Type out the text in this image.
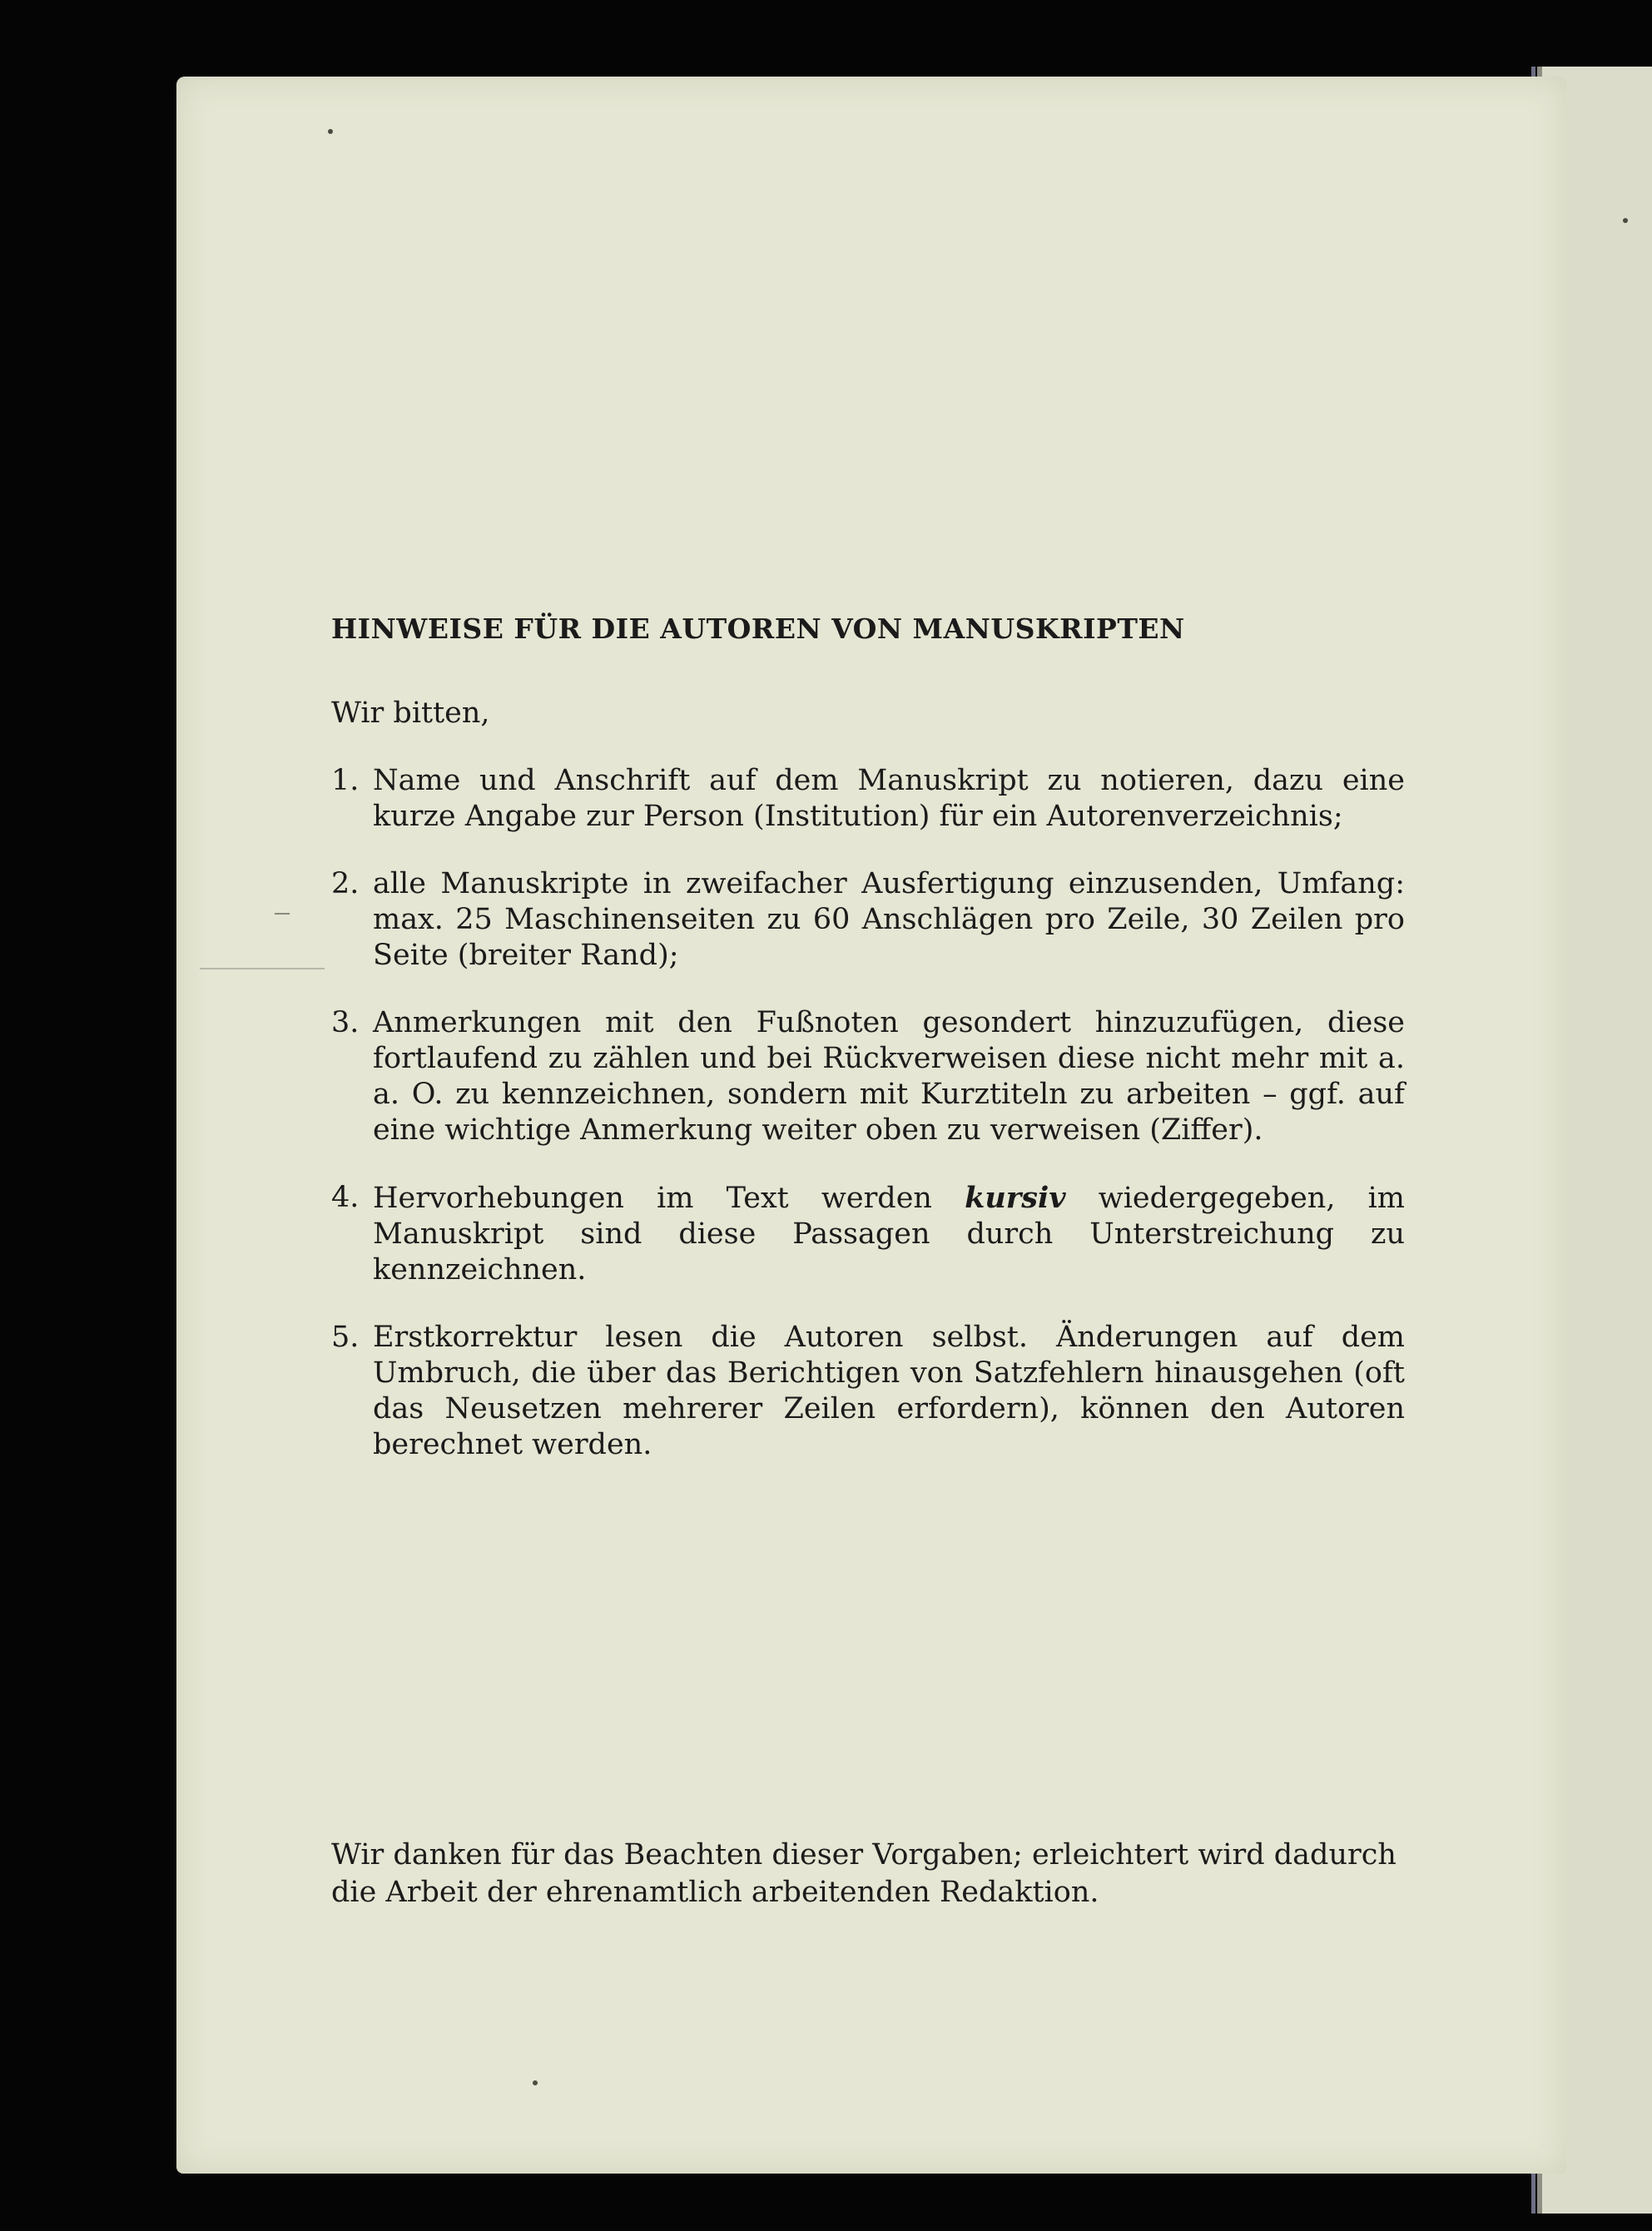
HINWEISE FÜR DIE AUTOREN VON MANUSKRIPTEN

Wir bitten,

1. Name und Anschrift auf dem Manuskript zu notieren, dazu eine kurze Angabe zur Person (Institution) für ein Autorenverzeichnis;
2. alle Manuskripte in zweifacher Ausfertigung einzusenden, Umfang: max. 25 Maschinenseiten zu 60 Anschlägen pro Zeile, 30 Zeilen pro Seite (breiter Rand);
3. Anmerkungen mit den Fußnoten gesondert hinzuzufügen, diese fortlaufend zu zählen und bei Rückverweisen diese nicht mehr mit a. a. O. zu kennzeichnen, sondern mit Kurztiteln zu arbeiten – ggf. auf eine wichtige Anmerkung weiter oben zu verweisen (Ziffer).
4. Hervorhebungen im Text werden kursiv wiedergegeben, im Manuskript sind diese Passagen durch Unterstreichung zu kennzeichnen.
5. Erstkorrektur lesen die Autoren selbst. Änderungen auf dem Umbruch, die über das Berichtigen von Satzfehlern hinausgehen (oft das Neusetzen mehrerer Zeilen erfordern), können den Autoren berechnet werden.

Wir danken für das Beachten dieser Vorgaben; erleichtert wird dadurch die Arbeit der ehrenamtlich arbeitenden Redaktion.
